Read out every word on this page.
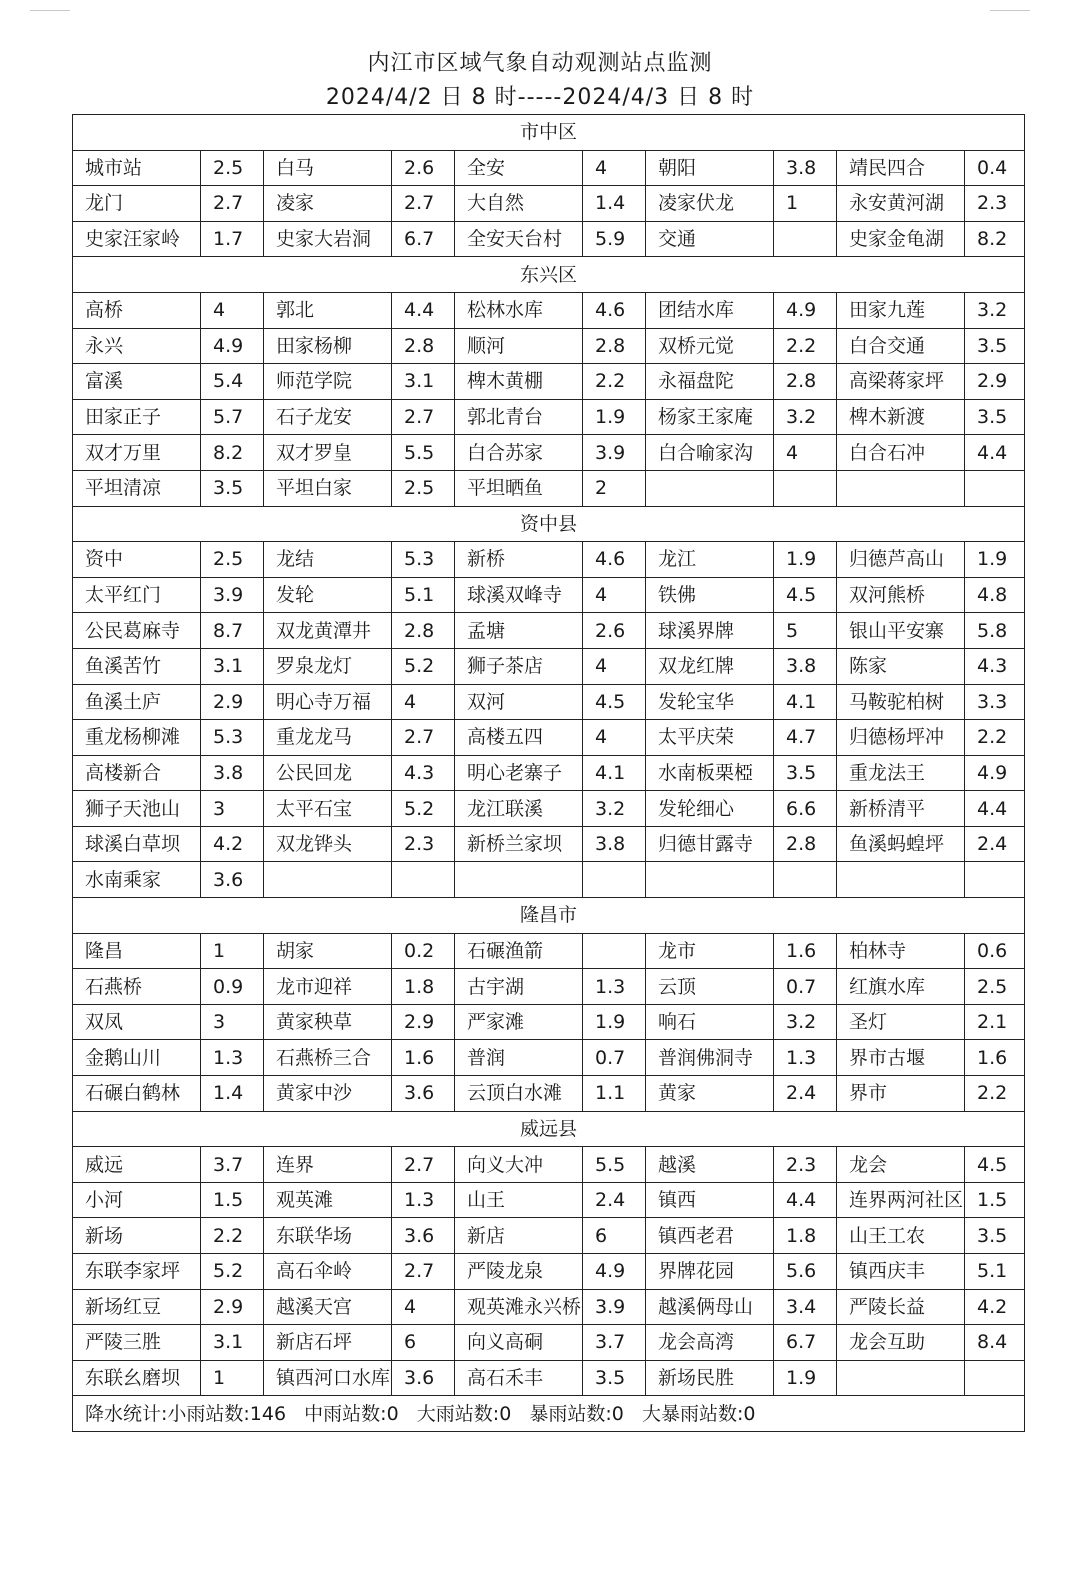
内江市区域气象自动观测站点监测
2024/4/2 日 8 时-----2024/4/3 日 8 时
市中区									
城市站	2.5	白马	2.6	全安	4	朝阳	3.8	靖民四合	0.4
龙门	2.7	凌家	2.7	大自然	1.4	凌家伏龙	1	永安黄河湖	2.3
史家汪家岭	1.7	史家大岩洞	6.7	全安天台村	5.9	交通		史家金龟湖	8.2
东兴区									
高桥	4	郭北	4.4	松林水库	4.6	团结水库	4.9	田家九莲	3.2
永兴	4.9	田家杨柳	2.8	顺河	2.8	双桥元觉	2.2	白合交通	3.5
富溪	5.4	师范学院	3.1	椑木黄棚	2.2	永福盘陀	2.8	高梁蒋家坪	2.9
田家正子	5.7	石子龙安	2.7	郭北青台	1.9	杨家王家庵	3.2	椑木新渡	3.5
双才万里	8.2	双才罗皇	5.5	白合苏家	3.9	白合喻家沟	4	白合石冲	4.4
平坦清凉	3.5	平坦白家	2.5	平坦晒鱼	2				
资中县									
资中	2.5	龙结	5.3	新桥	4.6	龙江	1.9	归德芦高山	1.9
太平红门	3.9	发轮	5.1	球溪双峰寺	4	铁佛	4.5	双河熊桥	4.8
公民葛麻寺	8.7	双龙黄潭井	2.8	孟塘	2.6	球溪界牌	5	银山平安寨	5.8
鱼溪苦竹	3.1	罗泉龙灯	5.2	狮子茶店	4	双龙红牌	3.8	陈家	4.3
鱼溪土庐	2.9	明心寺万福	4	双河	4.5	发轮宝华	4.1	马鞍驼柏树	3.3
重龙杨柳滩	5.3	重龙龙马	2.7	高楼五四	4	太平庆荣	4.7	归德杨坪冲	2.2
高楼新合	3.8	公民回龙	4.3	明心老寨子	4.1	水南板栗椏	3.5	重龙法王	4.9
狮子天池山	3	太平石宝	5.2	龙江联溪	3.2	发轮细心	6.6	新桥清平	4.4
球溪白草坝	4.2	双龙铧头	2.3	新桥兰家坝	3.8	归德甘露寺	2.8	鱼溪蚂蝗坪	2.4
水南乘家	3.6								
隆昌市									
隆昌	1	胡家	0.2	石碾渔箭		龙市	1.6	柏林寺	0.6
石燕桥	0.9	龙市迎祥	1.8	古宇湖	1.3	云顶	0.7	红旗水库	2.5
双凤	3	黄家秧草	2.9	严家滩	1.9	响石	3.2	圣灯	2.1
金鹅山川	1.3	石燕桥三合	1.6	普润	0.7	普润佛洞寺	1.3	界市古堰	1.6
石碾白鹤林	1.4	黄家中沙	3.6	云顶白水滩	1.1	黄家	2.4	界市	2.2
威远县									
威远	3.7	连界	2.7	向义大冲	5.5	越溪	2.3	龙会	4.5
小河	1.5	观英滩	1.3	山王	2.4	镇西	4.4	连界两河社区	1.5
新场	2.2	东联华场	3.6	新店	6	镇西老君	1.8	山王工农	3.5
东联李家坪	5.2	高石伞岭	2.7	严陵龙泉	4.9	界牌花园	5.6	镇西庆丰	5.1
新场红豆	2.9	越溪天宫	4	观英滩永兴桥	3.9	越溪俩母山	3.4	严陵长益	4.2
严陵三胜	3.1	新店石坪	6	向义高硐	3.7	龙会高湾	6.7	龙会互助	8.4
东联幺磨坝	1	镇西河口水库	3.6	高石禾丰	3.5	新场民胜	1.9		
降水统计:小雨站数:146   中雨站数:0   大雨站数:0   暴雨站数:0   大暴雨站数:0									
